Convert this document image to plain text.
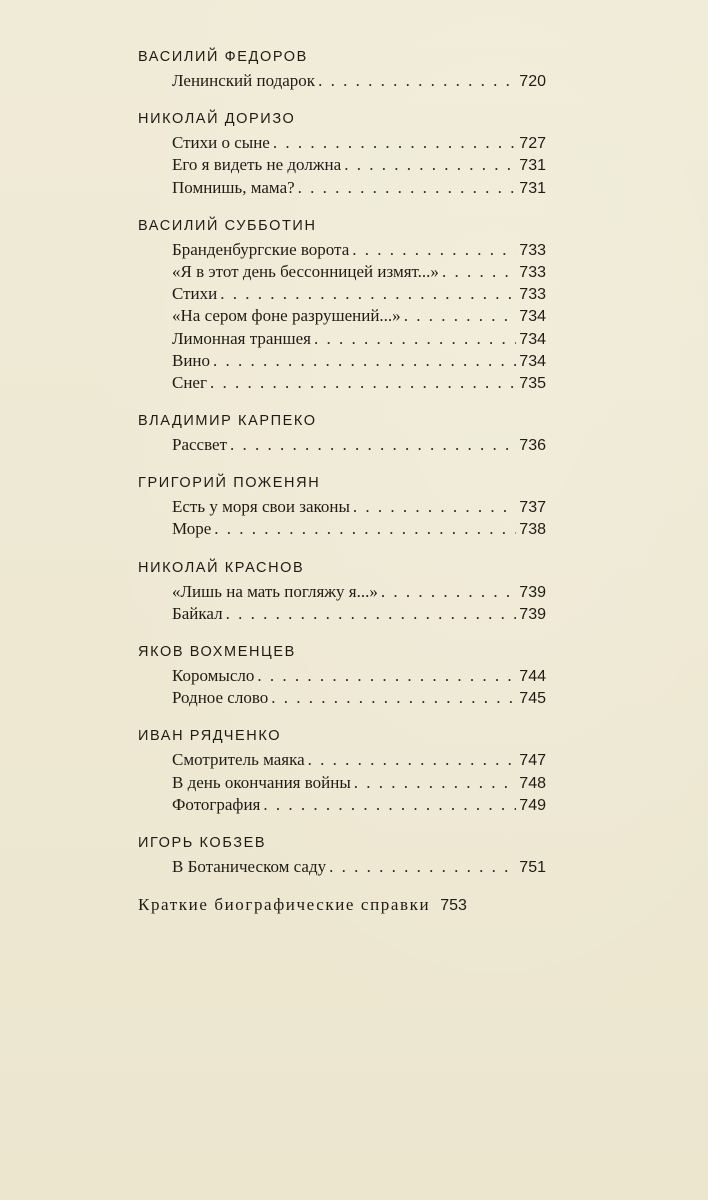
ВАСИЛИЙ ФЕДОРОВ
Ленинский подарок . . .	720
НИКОЛАЙ ДОРИЗО
Стихи о сыне . . .	727
Его я видеть не должна . . .	731
Помнишь, мама? . . .	731
ВАСИЛИЙ СУББОТИН
Бранденбургские ворота . . .	733
«Я в этот день бессонницей измят...» . . .	733
Стихи . . .	733
«На сером фоне разрушений...» . . .	734
Лимонная траншея . . .	734
Вино . . .	734
Снег . . .	735
ВЛАДИМИР КАРПЕКО
Рассвет . . .	736
ГРИГОРИЙ ПОЖЕНЯН
Есть у моря свои законы . . .	737
Море . . .	738
НИКОЛАЙ КРАСНОВ
«Лишь на мать погляжу я...» . . .	739
Байкал . . .	739
ЯКОВ ВОХМЕНЦЕВ
Коромысло . . .	744
Родное слово . . .	745
ИВАН РЯДЧЕНКО
Смотритель маяка . . .	747
В день окончания войны . . .	748
Фотография . . .	749
ИГОРЬ КОБЗЕВ
В Ботаническом саду . . .	751
Краткие биографические справки 753
